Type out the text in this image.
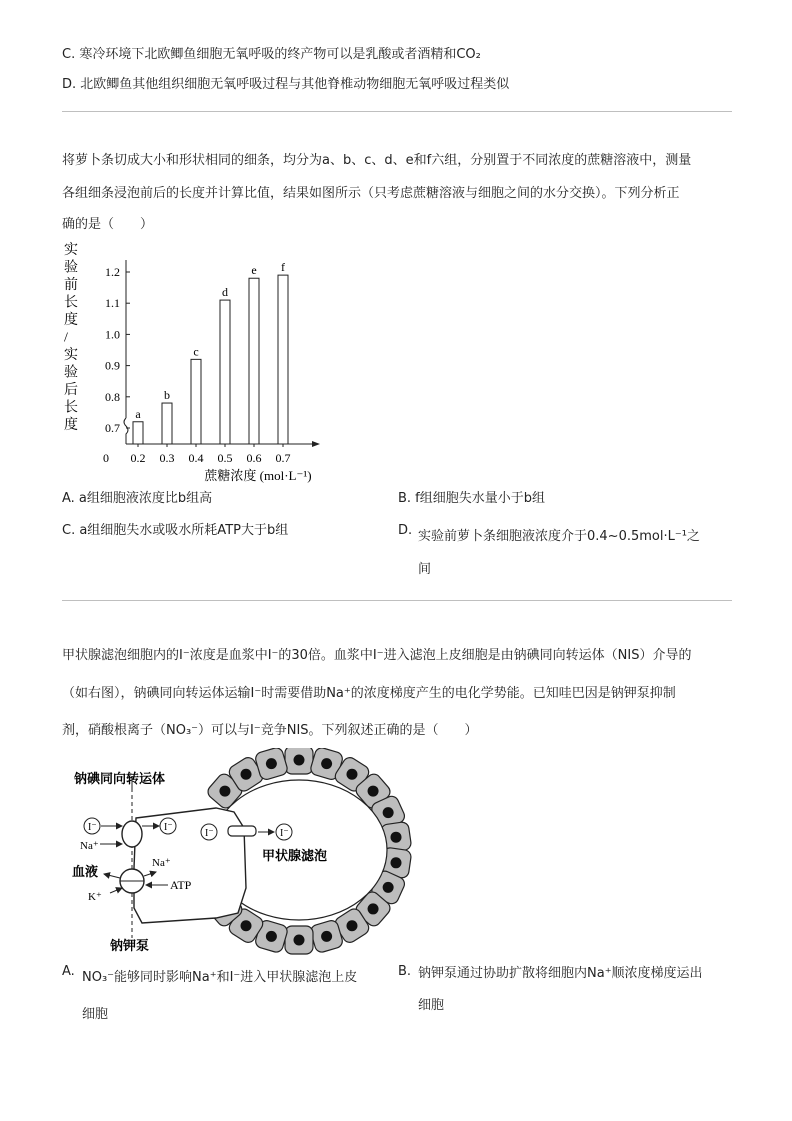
C. 寒冷环境下北欧鲫鱼细胞无氧呼吸的终产物可以是乳酸或者酒精和CO₂
D. 北欧鲫鱼其他组织细胞无氧呼吸过程与其他脊椎动物细胞无氧呼吸过程类似
将萝卜条切成大小和形状相同的细条，均分为a、b、c、d、e和f六组，分别置于不同浓度的蔗糖溶液中，测量
各组细条浸泡前后的长度并计算比值，结果如图所示（只考虑蔗糖溶液与细胞之间的水分交换）。下列分析正
确的是（　　）
实
验
前
长
度
/
实
验
后
长
度 0.7
0.8
0.9
1.0
1.1
1.2
0
a
0.2
b
0.3
c
0.4
d
0.5
e
0.6
f
0.7
蔗糖浓度 (mol·L⁻¹)
A. a组细胞液浓度比b组高	B. f组细胞失水量小于b组
C. a组细胞失水或吸水所耗ATP大于b组	D. 实验前萝卜条细胞液浓度介于0.4~0.5mol·L⁻¹之
间
甲状腺滤泡细胞内的I⁻浓度是血浆中I⁻的30倍。血浆中I⁻进入滤泡上皮细胞是由钠碘同向转运体（NIS）介导的
（如右图），钠碘同向转运体运输I⁻时需要借助Na⁺的浓度梯度产生的电化学势能。已知哇巴因是钠钾泵抑制
剂，硝酸根离子（NO₃⁻）可以与I⁻竞争NIS。下列叙述正确的是（　　）
钠碘同向转运体
I⁻	I⁻
I⁻	I⁻
Na⁺
Na⁺
ATP
血液
K⁺
甲状腺滤泡
钠钾泵
A. NO₃⁻能够同时影响Na⁺和I⁻进入甲状腺滤泡上皮
细胞
B. 钠钾泵通过协助扩散将细胞内Na⁺顺浓度梯度运出
细胞
